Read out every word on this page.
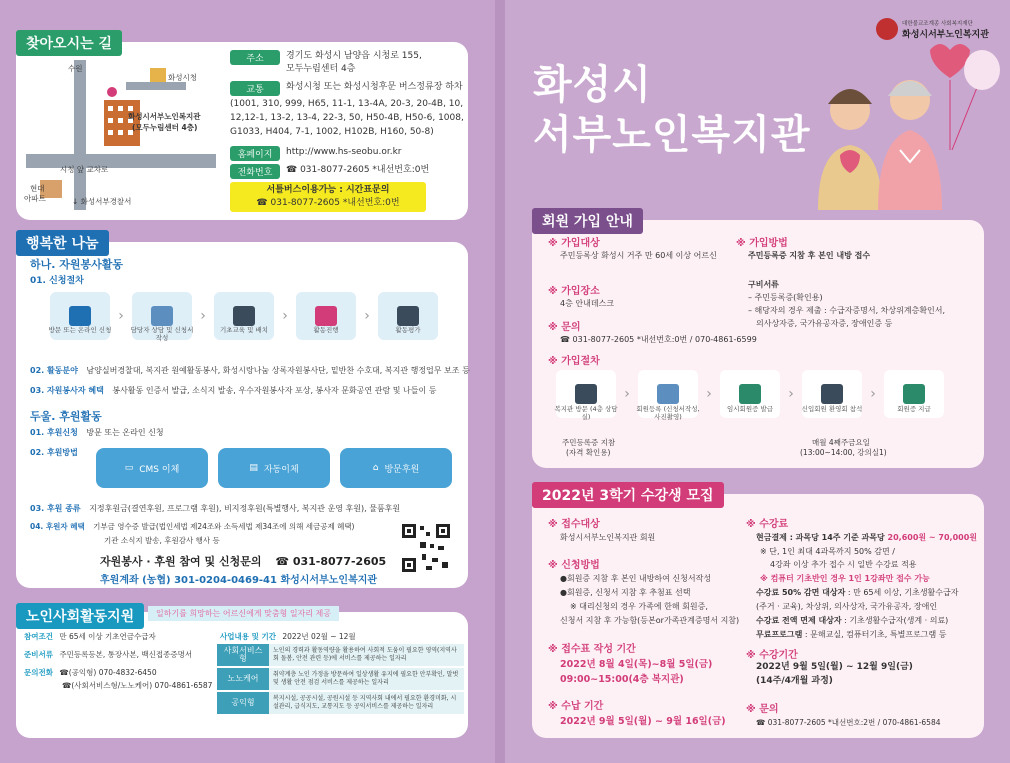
찾아오시는 길
수원
화성시청
화성시서부노인복지관
(모두누림센터 4층)
시청 앞 교차로
현대
아파트	↓ 화성서부경찰서
주소	경기도 화성시 남양읍 시청로 155,
모두누림센터 4층
교통	화성시청 또는 화성시청후문 버스정류장 하차
(1001, 310, 999, H65, 11-1, 13-4A, 20-3, 20-4B, 10,
12,12-1, 13-2, 13-4, 22-3, 50, H50-4B, H50-6, 1008,
G1033, H404, 7-1, 1002, H102B, H160, 50-8)
홈페이지	http://www.hs-seobu.or.kr
전화번호	☎ 031-8077-2605 *내선번호:0번
서틀버스이용가능 : 시간표문의
☎ 031-8077-2605 *내선번호:0번
행복한 나눔
하나. 자원봉사활동
01. 신청절차
›	›	›	›
방문 또는 온라인 신청	담당자 상담 및 신청서 작성
기초교육 및 배치	활동진행	활동평가
02. 활동분야 남양실버경찰대, 복지관 원예활동봉사, 화성시랑나눔 상록자원봉사단, 밑반찬 수호대, 복지관 행정업무 보조 등
03. 자원봉사자 혜택 봉사활동 인증서 발급, 소식지 발송, 우수자원봉사자 포상, 봉사자 문화공연 관람 및 나들이 등
두울. 후원활동
01. 후원신청 방문 또는 온라인 신청
02. 후원방법
▭ CMS 이체	▤ 자동이체	⌂ 방문후원
03. 후원 종류 지정후원금(결연후원, 프로그램 후원), 비지정후원(특별행사, 복지관 운영 후원), 물품후원
04. 후원자 혜택 기부금 영수증 발급(법인세법 제24조와 소득세법 제34조에 의해 세금공제 혜택)
기관 소식지 발송, 후원감사 행사 등
자원봉사 · 후원 참여 및 신청문의 ☎ 031-8077-2605
후원계좌 (농협) 301-0204-0469-41 화성시서부노인복지관
노인사회활동지원	일하기를 희망하는 어르신에게 맞춤형 일자리 제공
참여조건 만 65세 이상 기초연금수급자
준비서류 주민등록등본, 통장사본, 백신접종증명서
문의전화 ☎(공익형) 070-4832-6450
☎(사회서비스형/노노케어) 070-4861-6587
사업내용 및 기간 2022년 02월 ~ 12월
사회서비스형	노인의 경력과 활동역량을 활용하여 사회적 도움이 필요한 영역(지역사회 돌봄, 안전 관련 등)에 서비스를 제공하는 일자리
노노케어	취약계층 노인 가정을 방문하여 일상생활 유지에 필요한 안부확인, 말벗 및 생활 안전 점검 서비스를 제공하는 일자리
공익형	복지시설, 공공시설, 공원시설 등 지역사회 내에서 필요한 환경미화, 시설관리, 급식지도, 교통지도 등 공익서비스를 제공하는 일자리
대한불교조계종 사회복지재단
화성시서부노인복지관
화성시
서부노인복지관
회원 가입 안내
※ 가입대상
주민등록상 화성시 거주 만 60세 이상 어르신
※ 가입방법
주민등록증 지참 후 본인 내방 접수
※ 가입장소
4층 안내데스크
구비서류
– 주민등록증(확인용)
– 해당자의 경우 제출 : 수급자증명서, 차상위계층확인서,
의사상자증, 국가유공자증, 장애인증 등
※ 문의
☎ 031-8077-2605 *내선번호:0번 / 070-4861-6599
※ 가입절차
›	›	›	›
복지관 방문 (4층 상담실)
회원등록 (신청서작성,사진촬영)
임시회원증 발급	신입회원 환영회 참석	회원증 지급
주민등록증 지참
(자격 확인용)
매월 4째주금요일
(13:00~14:00, 강의실1)
2022년 3학기 수강생 모집
※ 접수대상
화성시서부노인복지관 회원
※ 신청방법
●회원증 지참 후 본인 내방하여 신청서작성
●회원증, 신청서 지참 후 추첨표 선택
※ 대리신청의 경우 가족에 한해 회원증,
신청서 지참 후 가능함(등본or가족관계증명서 지참)
※ 접수표 작성 기간
2022년 8월 4일(목)~8월 5일(금)
09:00~15:00(4층 복지관)
※ 수납 기간
2022년 9월 5일(월) ~ 9월 16일(금)
※ 수강료
현금결제 : 과목당 14주 기준 과목당 20,600원 ~ 70,000원
※ 단, 1인 최대 4과목까지 50% 감면 /
4강좌 이상 추가 접수 시 일반 수강료 적용
※ 컴퓨터 기초반인 경우 1인 1강좌만 접수 가능
수강료 50% 감면 대상자 : 만 65세 이상, 기초생활수급자
(주거 · 교육), 차상위, 의사상자, 국가유공자, 장애인
수강료 전액 면제 대상자 : 기초생활수급자(생계 · 의료)
무료프로그램 : 문해교실, 컴퓨터기초, 특별프로그램 등
※ 수강기간
2022년 9월 5일(월) ~ 12월 9일(금)
(14주/4개월 과정)
※ 문의
☎ 031-8077-2605 *내선번호:2번 / 070-4861-6584
